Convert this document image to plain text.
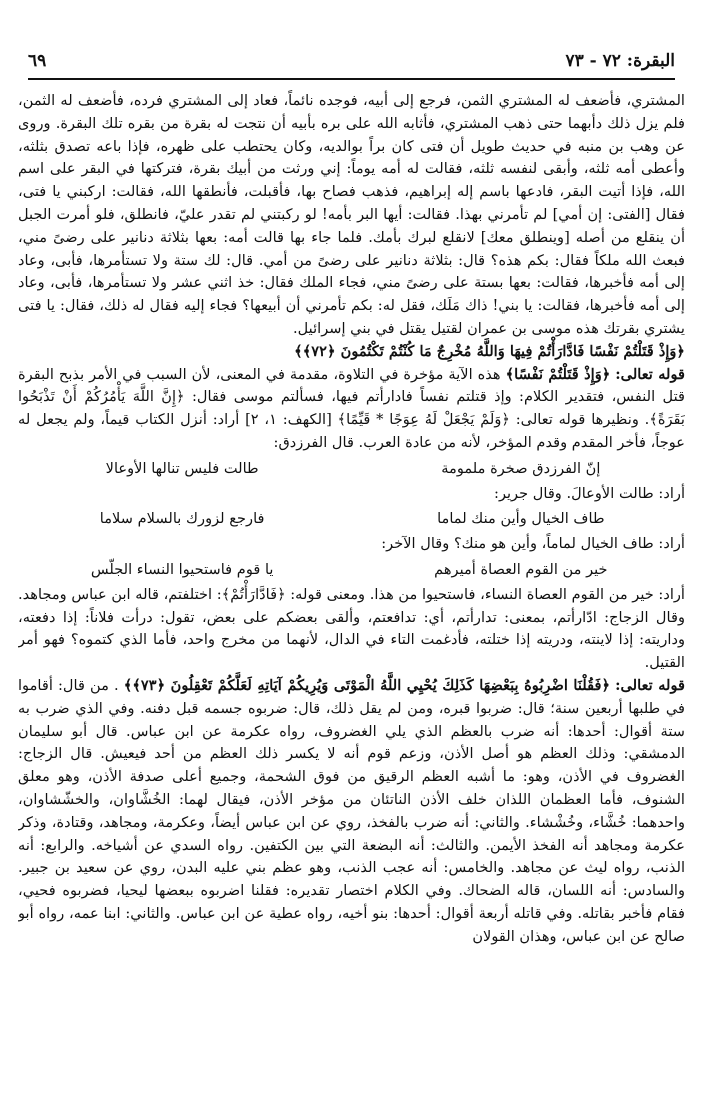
البقرة: ٧٢ - ٧٣
٦٩

المشتري، فأضعف له المشتري الثمن، فرجع إلى أبيه، فوجده نائماً، فعاد إلى المشتري فرده، فأضعف له الثمن، فلم يزل ذلك دأبهما حتى ذهب المشتري، فأثابه الله على بره بأبيه أن نتجت له بقرة من بقره تلك البقرة. وروى عن وهب بن منبه في حديث طويل أن فتى كان براً بوالديه، وكان يحتطب على ظهره، فإذا باعه تصدق بثلثه، وأعطى أمه ثلثه، وأبقى لنفسه ثلثه، فقالت له أمه يوماً: إني ورثت من أبيك بقرة، فتركتها في البقر على اسم الله، فإذا أتيت البقر، فادعها باسم إله إبراهيم، فذهب فصاح بها، فأقبلت، فأنطقها الله، فقالت: اركبني يا فتى، فقال [الفتى: إن أمي] لم تأمرني بهذا. فقالت: أيها البر بأمه! لو ركبتني لم تقدر عليّ، فانطلق، فلو أمرت الجبل أن ينقلع من أصله [وينطلق معك] لانقلع لبرك بأمك. فلما جاء بها قالت أمه: بعها بثلاثة دنانير على رضىً مني، فبعث الله ملكاً فقال: بكم هذه؟ قال: بثلاثة دنانير على رضىً من أمي. قال: لك ستة ولا تستأمرها، فأبى، وعاد إلى أمه فأخبرها، فقالت: بعها بستة على رضىً مني، فجاء الملك فقال: خذ اثني عشر ولا تستأمرها، فأبى، وعاد إلى أمه فأخبرها، فقالت: يا بني! ذاك مَلَك، فقل له: بكم تأمرني أن أبيعها؟ فجاء إليه فقال له ذلك، فقال: يا فتى يشتري بقرتك هذه موسى بن عمران لقتيل يقتل في بني إسرائيل.

﴿وَإِذْ قَتَلْتُمْ نَفْسًا فَادَّارَأْتُمْ فِيهَا وَاللَّهُ مُخْرِجٌ مَا كُنْتُمْ تَكْتُمُونَ ﴿٧٢﴾﴾

قوله تعالى: ﴿وَإِذْ قَتَلْتُمْ نَفْسًا﴾ هذه الآية مؤخرة في التلاوة، مقدمة في المعنى، لأن السبب في الأمر بذبح البقرة قتل النفس، فتقدير الكلام: وإذ قتلتم نفساً فادارأتم فيها، فسألتم موسى فقال: ﴿إِنَّ اللَّهَ يَأْمُرُكُمْ أَنْ تَذْبَحُوا بَقَرَةً﴾. ونظيرها قوله تعالى: ﴿وَلَمْ يَجْعَلْ لَهُ عِوَجًا * قَيِّمًا﴾ [الكهف: ١، ٢] أراد: أنزل الكتاب قيماً، ولم يجعل له عوجاً، فأخر المقدم وقدم المؤخر، لأنه من عادة العرب. قال الفرزدق:

إنّ الفرزدق صخرة ملمومة
طالت فليس تنالها الأوعالا

أراد: طالت الأوعالَ. وقال جرير:

طاف الخيال وأين منك لماما
فارجع لزورك بالسلام سلاما

أراد: طاف الخيال لماماً، وأين هو منك؟ وقال الآخر:

خير من القوم العصاة أميرهم
يا قوم فاستحيوا النساء الجلّس

أراد: خير من القوم العصاة النساء، فاستحيوا من هذا. ومعنى قوله: ﴿فَادَّارَأْتُمْ﴾: اختلفتم، قاله ابن عباس ومجاهد. وقال الزجاج: ادّارأتم، بمعنى: تدارأتم، أي: تدافعتم، وألقى بعضكم على بعض، تقول: درأت فلاناً: إذا دفعته، وداريته: إذا لاينته، ودريته إذا ختلته، فأدغمت التاء في الدال، لأنهما من مخرج واحد، فأما الذي كتموه؟ فهو أمر القتيل.

قوله تعالى: ﴿فَقُلْنَا اضْرِبُوهُ بِبَعْضِهَا كَذَلِكَ يُحْيِي اللَّهُ الْمَوْتَى وَيُرِيكُمْ آيَاتِهِ لَعَلَّكُمْ تَعْقِلُونَ ﴿٧٣﴾﴾ . من قال: أقاموا في طلبها أربعين سنة؛ قال: ضربوا قبره، ومن لم يقل ذلك، قال: ضربوه جسمه قبل دفنه. وفي الذي ضرب به ستة أقوال: أحدها: أنه ضرب بالعظم الذي يلي الغضروف، رواه عكرمة عن ابن عباس. قال أبو سليمان الدمشقي: وذلك العظم هو أصل الأذن، وزعم قوم أنه لا يكسر ذلك العظم من أحد فيعيش. قال الزجاج: الغضروف في الأذن، وهو: ما أشبه العظم الرقيق من فوق الشحمة، وجميع أعلى صدفة الأذن، وهو معلق الشنوف، فأما العظمان اللذان خلف الأذن الناتئان من مؤخر الأذن، فيقال لهما: الخُشَّاوان، والخشّشاوان، واحدهما: خُشَّاء، وخُشْشاء. والثاني: أنه ضرب بالفخذ، روي عن ابن عباس أيضاً، وعكرمة، ومجاهد، وقتادة، وذكر عكرمة ومجاهد أنه الفخذ الأيمن. والثالث: أنه البضعة التي بين الكتفين. رواه السدي عن أشياخه. والرابع: أنه الذنب، رواه ليث عن مجاهد. والخامس: أنه عجب الذنب، وهو عظم بني عليه البدن، روي عن سعيد بن جبير. والسادس: أنه اللسان، قاله الضحاك. وفي الكلام اختصار تقديره: فقلنا اضربوه ببعضها ليحيا، فضربوه فحيي، فقام فأخبر بقاتله. وفي قاتله أربعة أقوال: أحدها: بنو أخيه، رواه عطية عن ابن عباس. والثاني: ابنا عمه، رواه أبو صالح عن ابن عباس، وهذان القولان
